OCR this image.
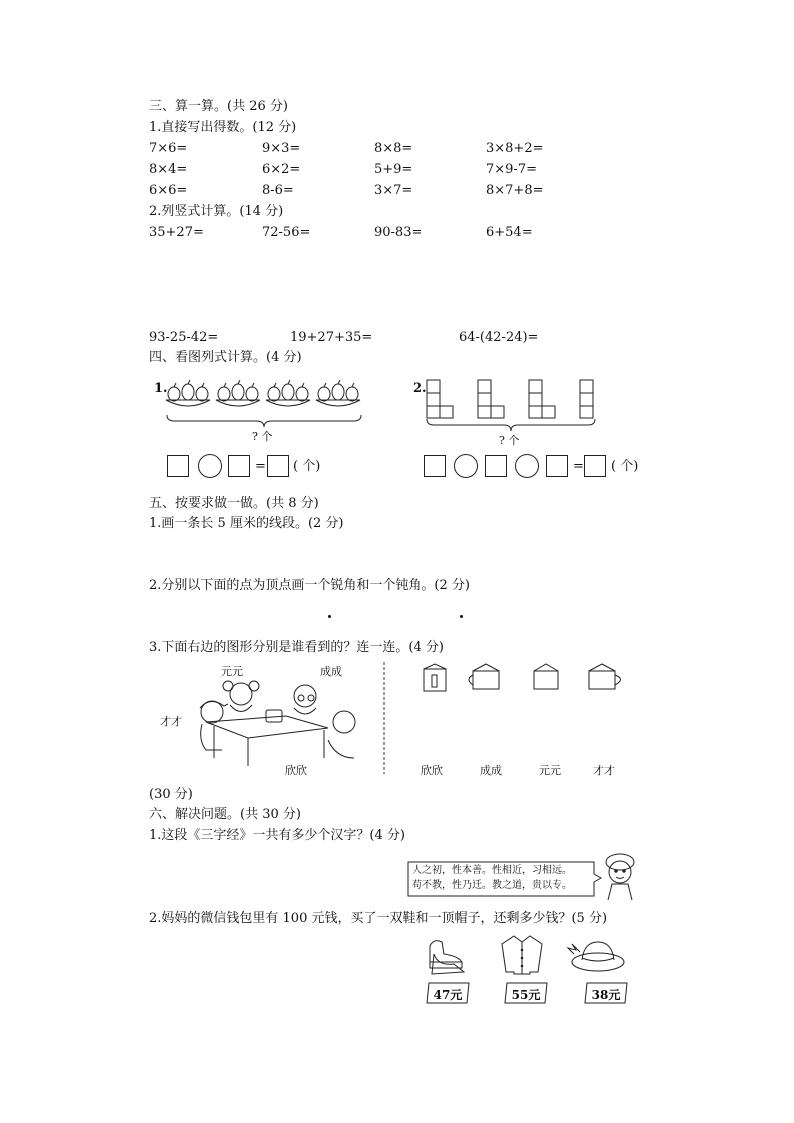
三、算一算。(共 26 分)
1.直接写出得数。(12 分)
7×6=	9×3=	8×8=	3×8+2=
8×4=	6×2=	5+9=	7×9-7=
6×6=	8-6=	3×7=	8×7+8=
2.列竖式计算。(14 分)
35+27=	72-56=	90-83=	6+54=
93-25-42=	19+27+35=	64-(42-24)=
四、看图列式计算。(4 分)
1.
? 个
= ( 个)
2.
? 个
= ( 个)
五、按要求做一做。(共 8 分)
1.画一条长 5 厘米的线段。(2 分)
2.分别以下面的点为顶点画一个锐角和一个钝角。(2 分)
3.下面右边的图形分别是谁看到的？连一连。(4 分)
元元	成成
才才
欣欣	欣欣	成成	元元	才才
(30 分)
六、解决问题。(共 30 分)
1.这段《三字经》一共有多少个汉字？(4 分)
人之初，性本善。性相近，习相远。
苟不教，性乃迁。教之道，贵以专。
2.妈妈的微信钱包里有 100 元钱，买了一双鞋和一顶帽子，还剩多少钱？(5 分)
47元	55元	38元
